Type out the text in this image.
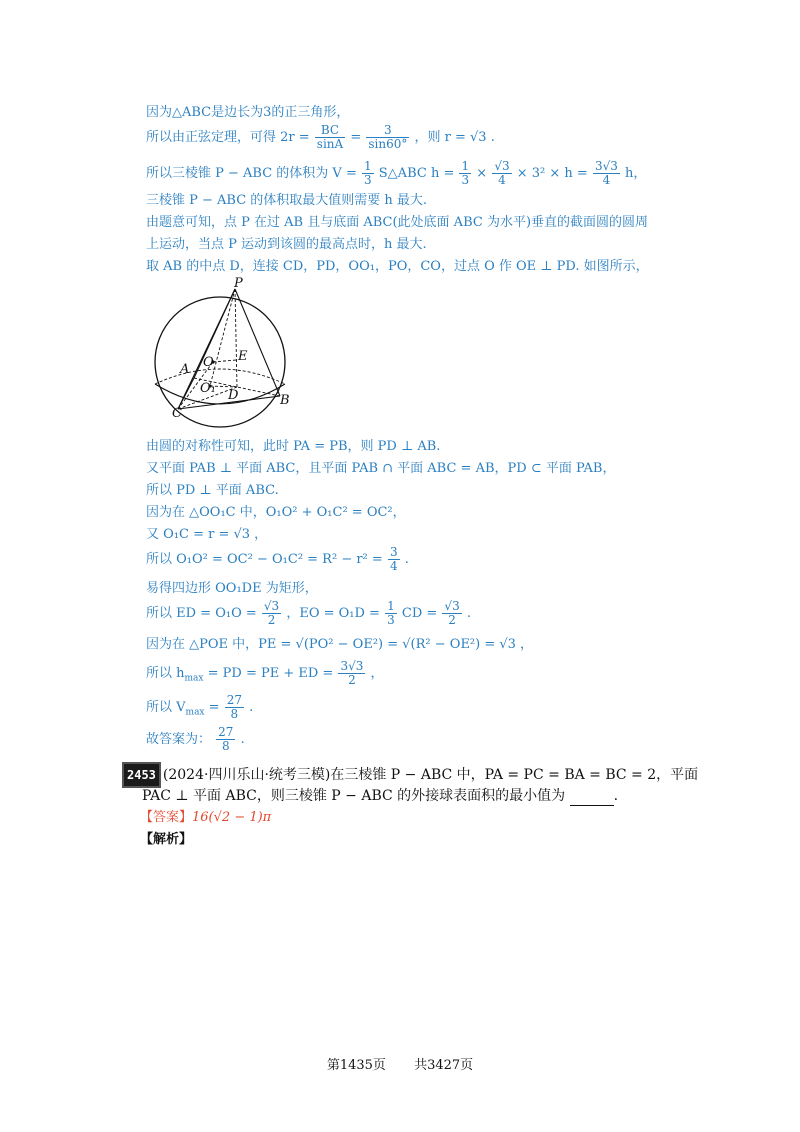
因为△ABC是边长为3的正三角形，
所以由正弦定理，可得 $2r = \frac{BC}{\sin A} = \frac{3}{\sin 60^\circ}$ ，则 r = √3 .
所以三棱锥 P − ABC 的体积为 $V = \frac{1}{3}$ S△ABC $h = \frac{1}{3} \times \frac{√3}{4} \times 3^2 \times h = \frac{3√3}{4}$ h，
三棱锥 P − ABC 的体积取最大值则需要 h 最大.
由题意可知，点 P 在过 AB 且与底面 ABC(此处底面 ABC 为水平)垂直的截面圆的圆周
上运动，当点 P 运动到该圆的最高点时，h 最大.
取 AB 的中点 D，连接 CD，PD，OO₁，PO，CO，过点 O 作 OE ⊥ PD. 如图所示，
P
A
C
B
D
E
O₁
O
由圆的对称性可知，此时 PA = PB，则 PD ⊥ AB.
又平面 PAB ⊥ 平面 ABC，且平面 PAB ∩ 平面 ABC = AB，PD ⊂ 平面 PAB，
所以 PD ⊥ 平面 ABC.
因为在 △OO₁C 中，O₁O² + O₁C² = OC²，
又 O₁C = r = √3 ，
所以 $O_1O^2 = OC^2 - O_1C^2 = R^2 - r^2 = \frac{3}{4}$ .
易得四边形 OO₁DE 为矩形，
所以 ED = $O_1O = \frac{√3}{2}$ ，EO = $O_1D = \frac{1}{3}$ CD = $\frac{√3}{2}$ .
因为在 △POE 中，PE = √(PO² − OE²) = √(R² − OE²) = √3 ，
所以 $h_{max}$ = PD = PE + ED = $\frac{3√3}{2}$ ，
所以 $V_{max} = \frac{27}{8}$ .
故答案为： $\frac{27}{8}$ .
2453 (2024·四川乐山·统考三模)在三棱锥 P − ABC 中，PA = PC = BA = BC = 2，平面
PAC ⊥ 平面 ABC，则三棱锥 P − ABC 的外接球表面积的最小值为	.
【答案】16(√2 − 1)π
【解析】
第1435页 共3427页
